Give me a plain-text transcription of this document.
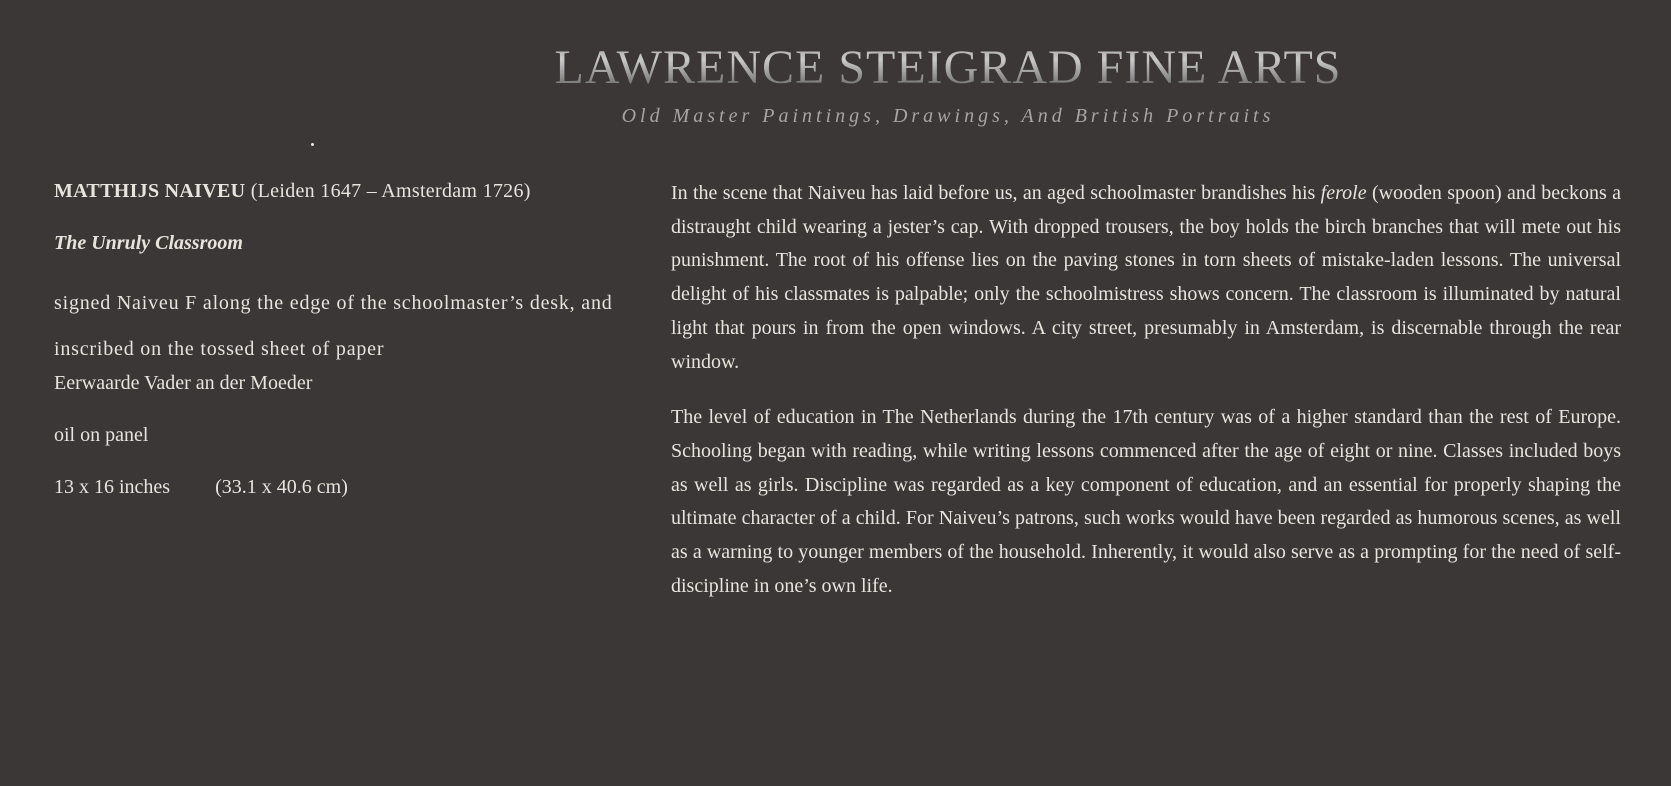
LAWRENCE STEIGRAD FINE ARTS

Old Master Paintings, Drawings, And British Portraits

MATTHIJS NAIVEU (Leiden 1647 – Amsterdam 1726)

The Unruly Classroom

signed Naiveu F along the edge of the schoolmaster’s desk, and inscribed on the tossed sheet of paper

Eerwaarde Vader an der Moeder

oil on panel

13 x 16 inches (33.1 x 40.6 cm)

In the scene that Naiveu has laid before us, an aged schoolmaster brandishes his ferole (wooden spoon) and beckons a distraught child wearing a jester’s cap. With dropped trousers, the boy holds the birch branches that will mete out his punishment. The root of his offense lies on the paving stones in torn sheets of mistake-laden lessons. The universal delight of his classmates is palpable; only the schoolmistress shows concern. The classroom is illuminated by natural light that pours in from the open windows. A city street, presumably in Amsterdam, is discernable through the rear window.

The level of education in The Netherlands during the 17th century was of a higher standard than the rest of Europe. Schooling began with reading, while writing lessons commenced after the age of eight or nine. Classes included boys as well as girls. Discipline was regarded as a key component of education, and an essential for properly shaping the ultimate character of a child. For Naiveu’s patrons, such works would have been regarded as humorous scenes, as well as a warning to younger members of the household. Inherently, it would also serve as a prompting for the need of self-discipline in one’s own life.
